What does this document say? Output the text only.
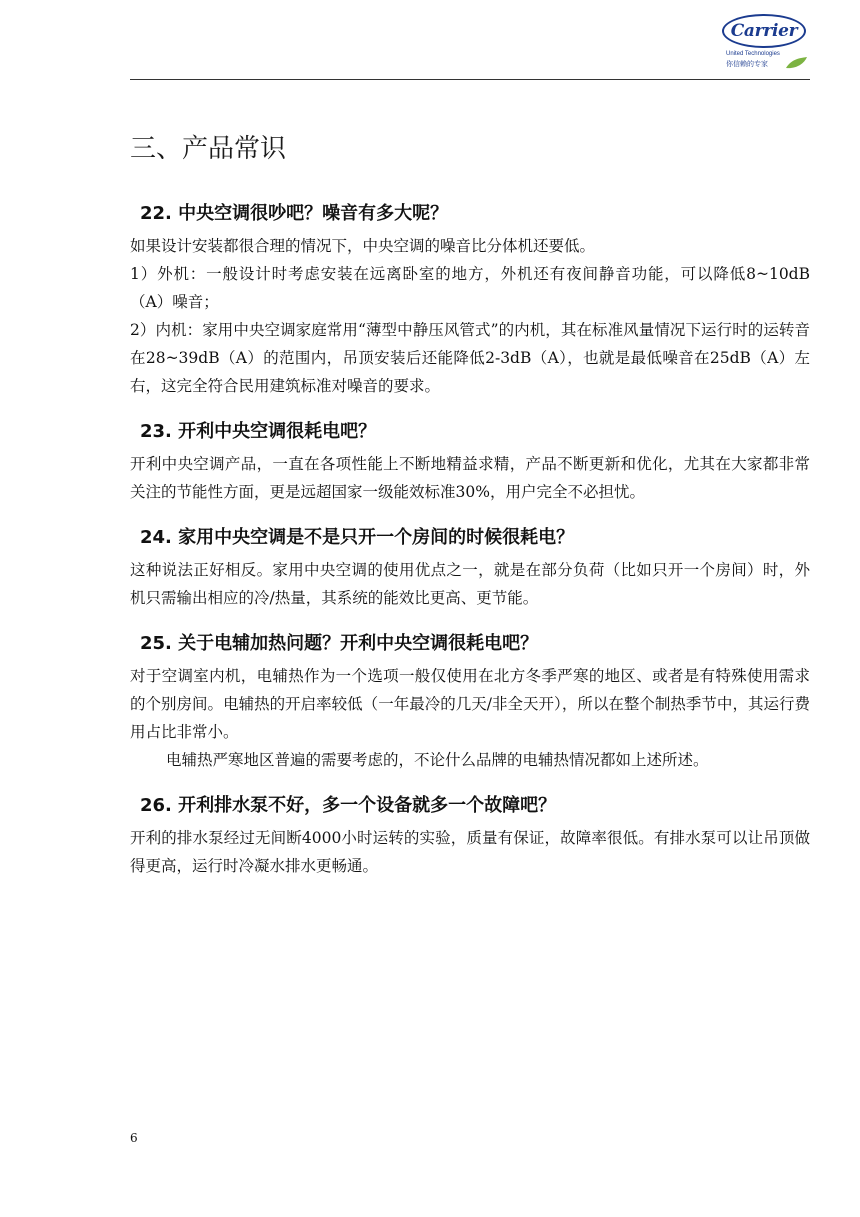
Carrier
United Technologies
你信赖的专家
三、产品常识
22. 中央空调很吵吧？噪音有多大呢？

如果设计安装都很合理的情况下，中央空调的噪音比分体机还要低。

1）外机：一般设计时考虑安装在远离卧室的地方，外机还有夜间静音功能，可以降低8~10dB（A）噪音；

2）内机：家用中央空调家庭常用“薄型中静压风管式”的内机，其在标准风量情况下运行时的运转音在28~39dB（A）的范围内，吊顶安装后还能降低2-3dB（A），也就是最低噪音在25dB（A）左右，这完全符合民用建筑标准对噪音的要求。

23. 开利中央空调很耗电吧？

开利中央空调产品，一直在各项性能上不断地精益求精，产品不断更新和优化，尤其在大家都非常关注的节能性方面，更是远超国家一级能效标准30%，用户完全不必担忧。

24. 家用中央空调是不是只开一个房间的时候很耗电？

这种说法正好相反。家用中央空调的使用优点之一，就是在部分负荷（比如只开一个房间）时，外机只需输出相应的冷/热量，其系统的能效比更高、更节能。

25. 关于电辅加热问题？开利中央空调很耗电吧？

对于空调室内机，电辅热作为一个选项一般仅使用在北方冬季严寒的地区、或者是有特殊使用需求的个别房间。电辅热的开启率较低（一年最冷的几天/非全天开），所以在整个制热季节中，其运行费用占比非常小。

电辅热严寒地区普遍的需要考虑的，不论什么品牌的电辅热情况都如上述所述。

26. 开利排水泵不好，多一个设备就多一个故障吧？

开利的排水泵经过无间断4000小时运转的实验，质量有保证，故障率很低。有排水泵可以让吊顶做得更高，运行时冷凝水排水更畅通。

6
